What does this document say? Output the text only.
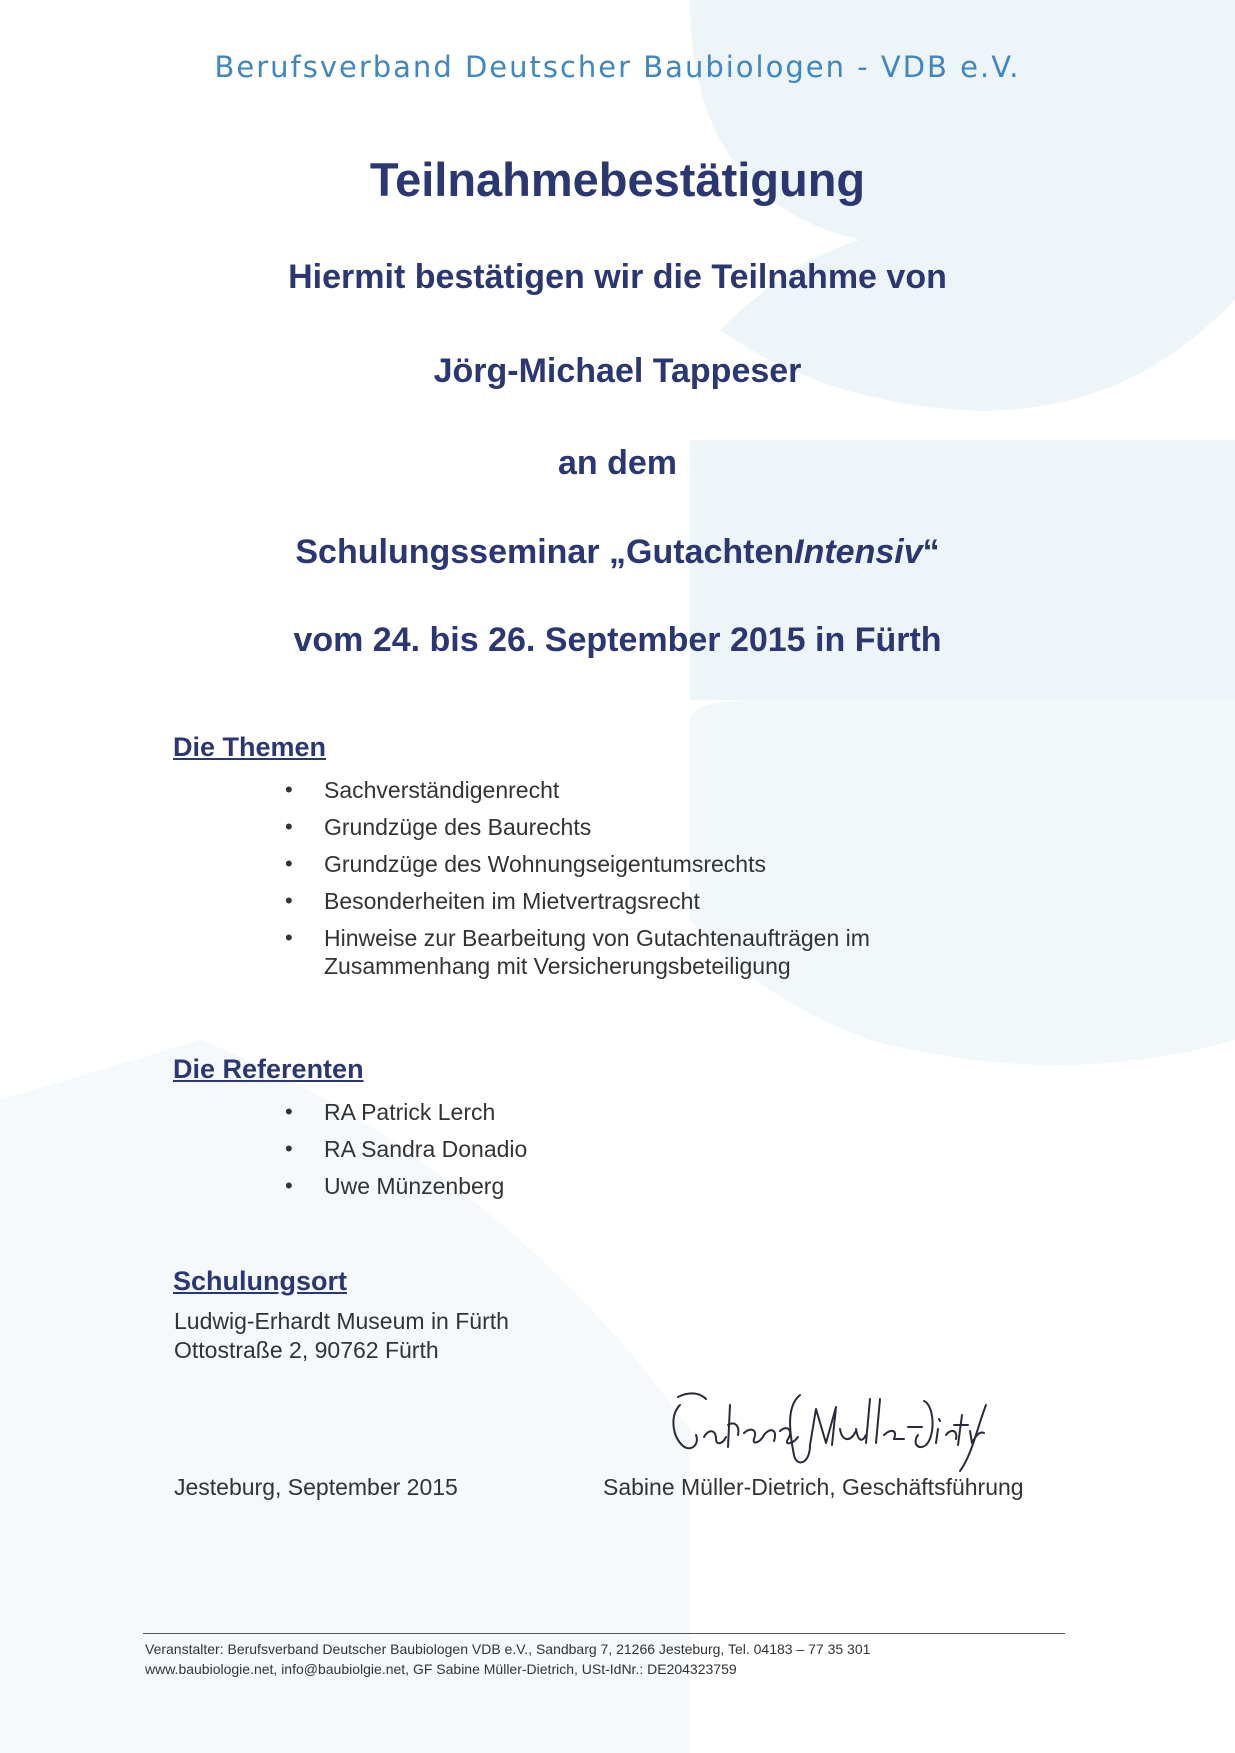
Berufsverband Deutscher Baubiologen - VDB e.V.
Teilnahmebestätigung
Hiermit bestätigen wir die Teilnahme von
Jörg-Michael Tappeser
an dem
Schulungsseminar „GutachtenIntensiv“
vom 24. bis 26. September 2015 in Fürth
Die Themen
• Sachverständigenrecht
• Grundzüge des Baurechts
• Grundzüge des Wohnungseigentumsrechts
• Besonderheiten im Mietvertragsrecht
• Hinweise zur Bearbeitung von Gutachtenaufträgen im Zusammenhang mit Versicherungsbeteiligung
Die Referenten
• RA Patrick Lerch
• RA Sandra Donadio
• Uwe Münzenberg
Schulungsort
Ludwig-Erhardt Museum in Fürth
Ottostraße 2, 90762 Fürth
Jesteburg, September 2015	Sabine Müller-Dietrich, Geschäftsführung
Veranstalter: Berufsverband Deutscher Baubiologen VDB e.V., Sandbarg 7, 21266 Jesteburg, Tel. 04183 – 77 35 301
www.baubiologie.net, info@baubiolgie.net, GF Sabine Müller-Dietrich, USt-IdNr.: DE204323759
